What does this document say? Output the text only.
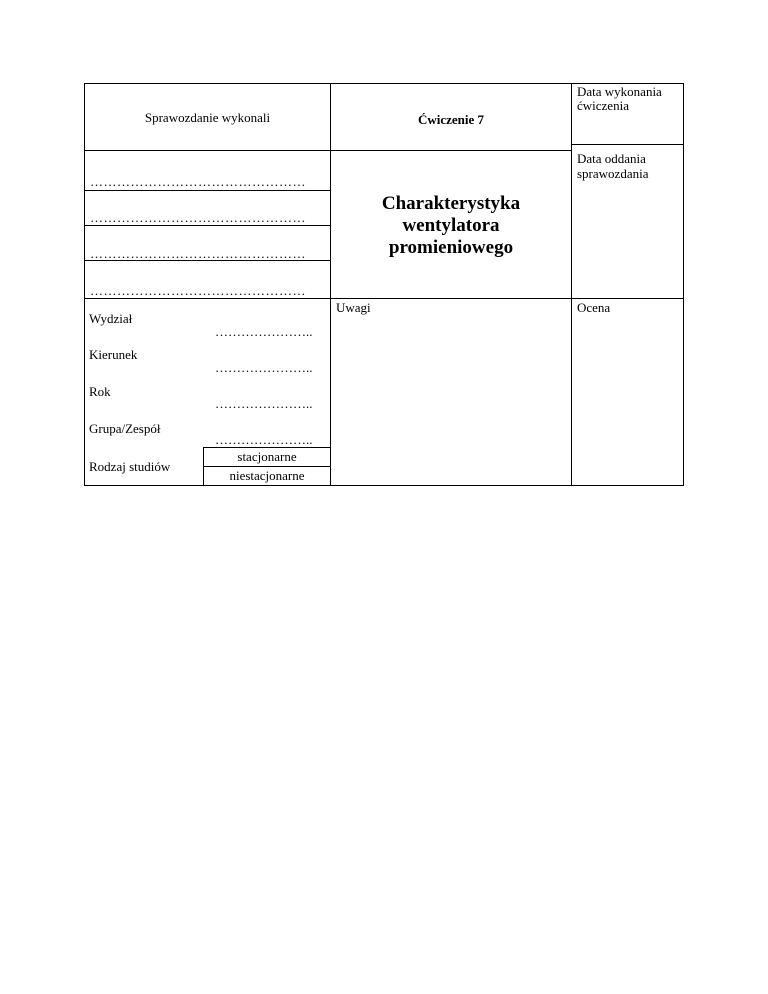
Sprawozdanie wykonali	Ćwiczenie 7
Data wykonania ćwiczenia
Data oddania sprawozdania
Charakterystyka
wentylatora
promieniowego
…………………………………………
…………………………………………
…………………………………………
…………………………………………
Wydział
…………………..
Kierunek
…………………..
Rok
…………………..
Grupa/Zespół
…………………..
Rodzaj studiów
stacjonarne
niestacjonarne
Uwagi	Ocena
